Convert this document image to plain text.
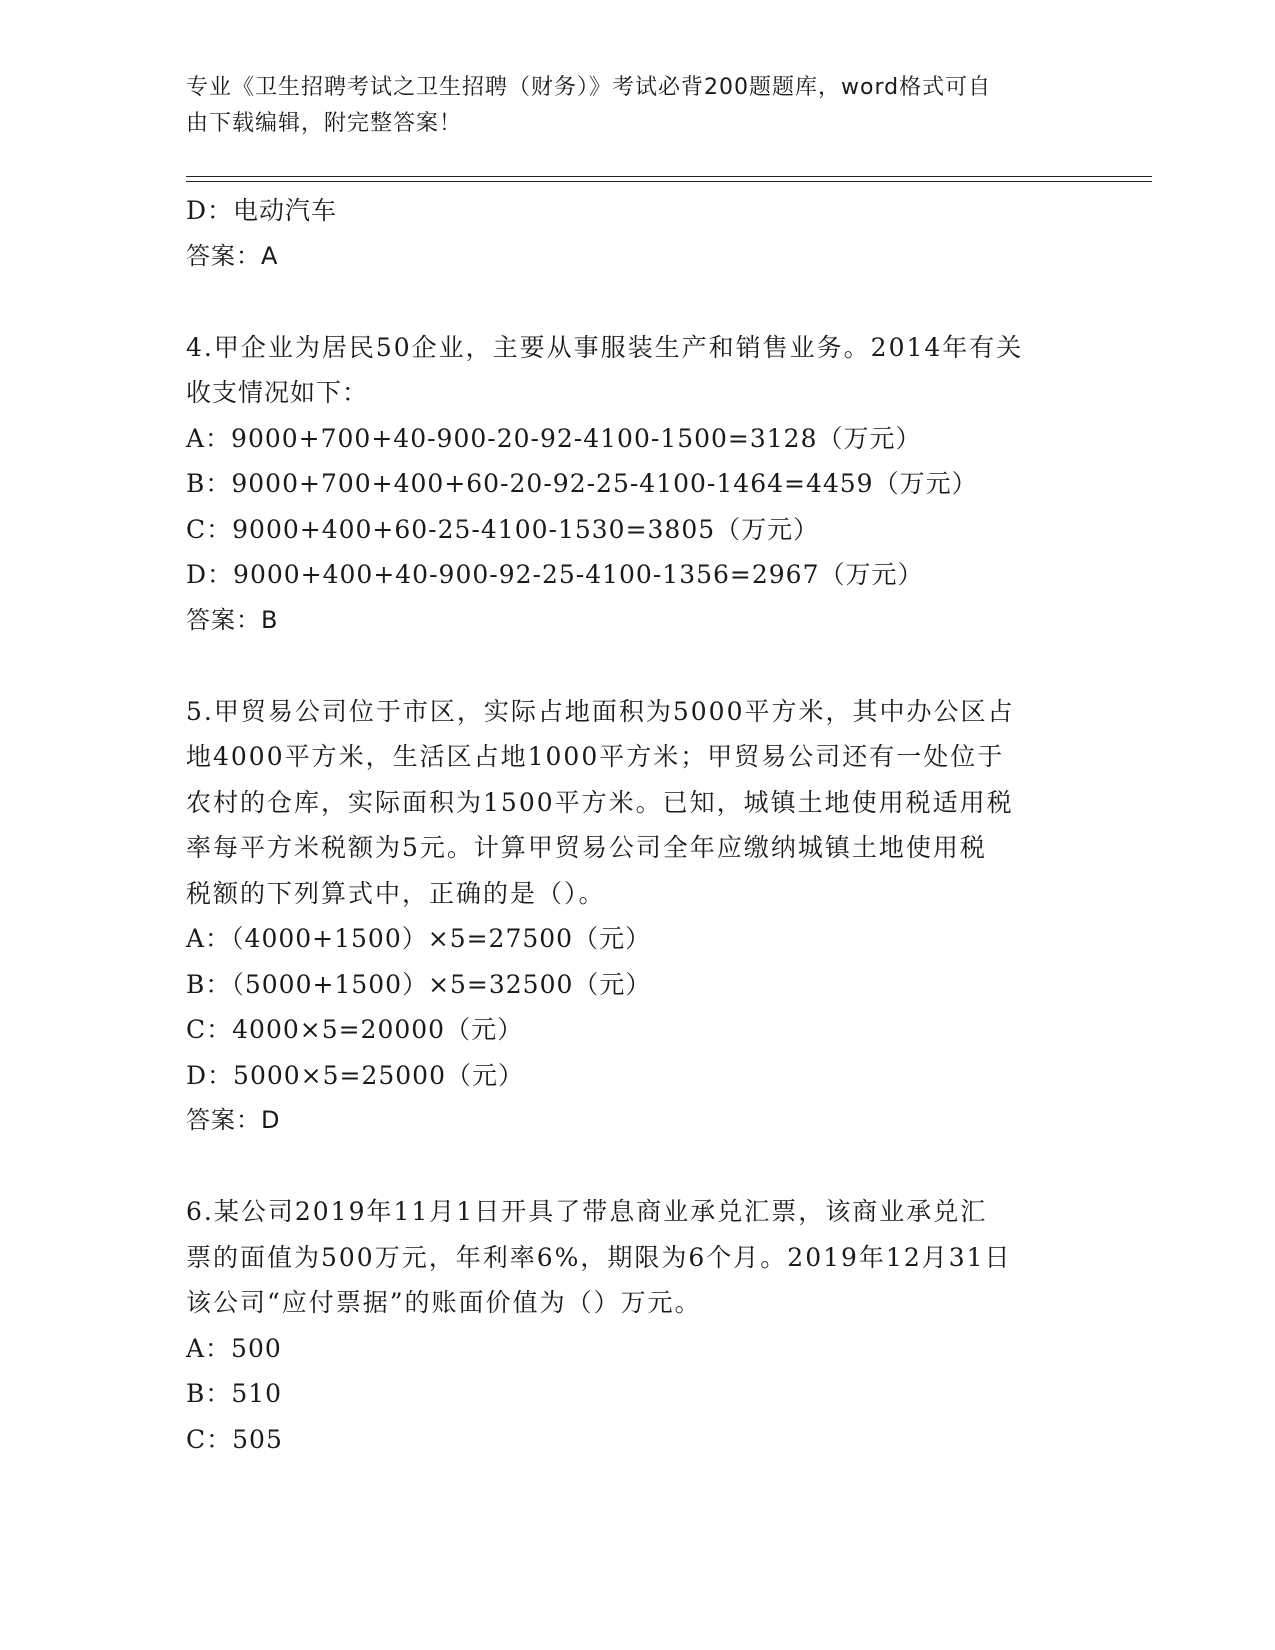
专业《卫生招聘考试之卫生招聘（财务）》考试必背200题题库，word格式可自
由下载编辑，附完整答案！
D：电动汽车
答案：A
4.甲企业为居民50企业，主要从事服装生产和销售业务。2014年有关
收支情况如下：
A：9000+700+40-900-20-92-4100-1500=3128（万元）
B：9000+700+400+60-20-92-25-4100-1464=4459（万元）
C：9000+400+60-25-4100-1530=3805（万元）
D：9000+400+40-900-92-25-4100-1356=2967（万元）
答案：B
5.甲贸易公司位于市区，实际占地面积为5000平方米，其中办公区占
地4000平方米，生活区占地1000平方米；甲贸易公司还有一处位于
农村的仓库，实际面积为1500平方米。已知，城镇土地使用税适用税
率每平方米税额为5元。计算甲贸易公司全年应缴纳城镇土地使用税
税额的下列算式中，正确的是（）。
A：（4000+1500）×5=27500（元）
B：（5000+1500）×5=32500（元）
C：4000×5=20000（元）
D：5000×5=25000（元）
答案：D
6.某公司2019年11月1日开具了带息商业承兑汇票，该商业承兑汇
票的面值为500万元，年利率6%，期限为6个月。2019年12月31日
该公司“应付票据”的账面价值为（）万元。
A：500
B：510
C：505
